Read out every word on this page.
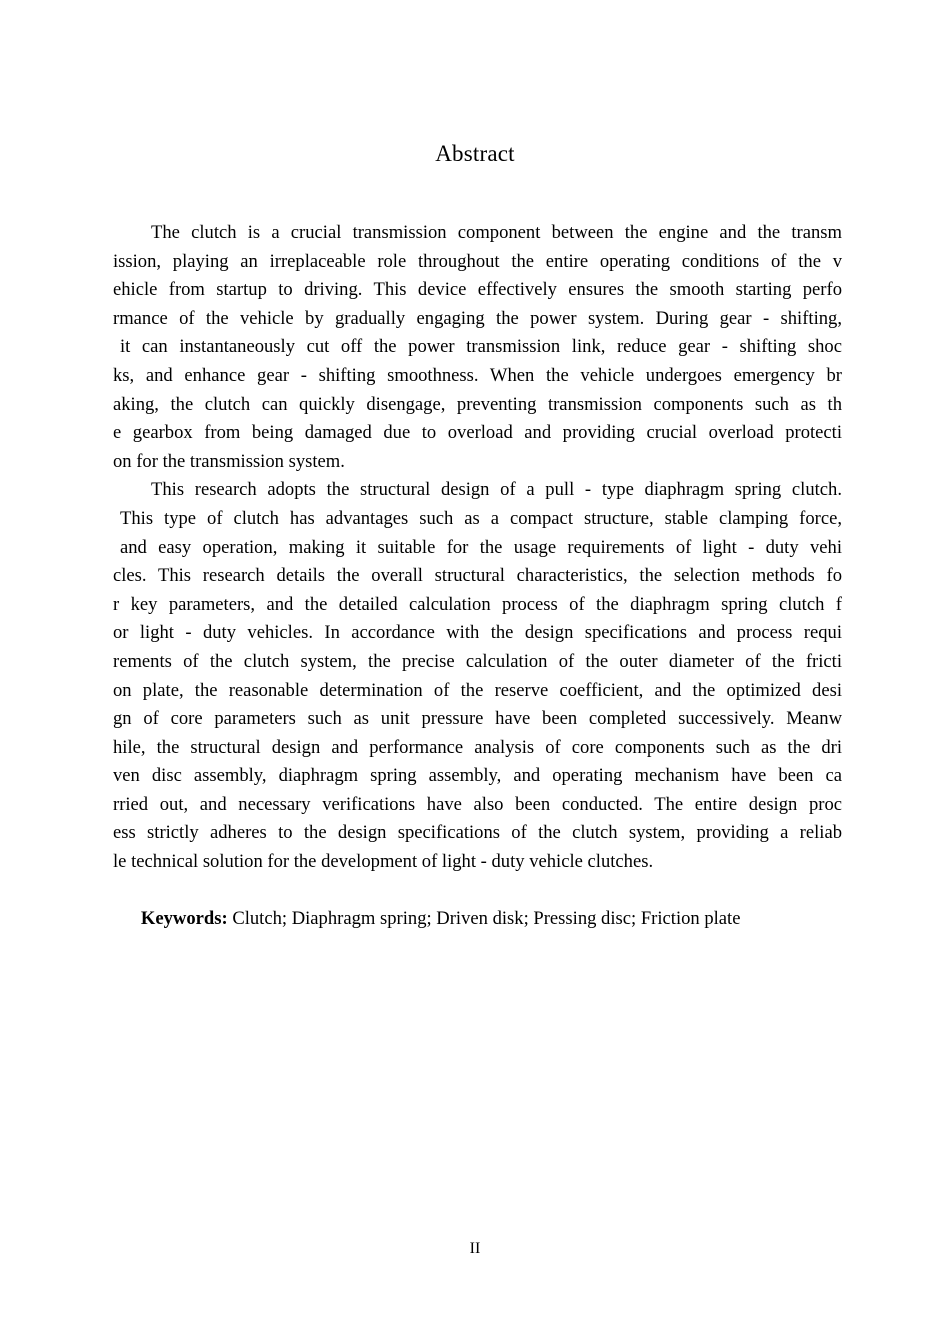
Abstract

The clutch is a crucial transmission component between the engine and the transm
ission, playing an irreplaceable role throughout the entire operating conditions of the v
ehicle from startup to driving. This device effectively ensures the smooth starting perfo
rmance of the vehicle by gradually engaging the power system. During gear - shifting,
it can instantaneously cut off the power transmission link, reduce gear - shifting shoc
ks, and enhance gear - shifting smoothness. When the vehicle undergoes emergency br
aking, the clutch can quickly disengage, preventing transmission components such as th
e gearbox from being damaged due to overload and providing crucial overload protecti
on for the transmission system.

This research adopts the structural design of a pull - type diaphragm spring clutch.
This type of clutch has advantages such as a compact structure, stable clamping force,
and easy operation, making it suitable for the usage requirements of light - duty vehi
cles. This research details the overall structural characteristics, the selection methods fo
r key parameters, and the detailed calculation process of the diaphragm spring clutch f
or light - duty vehicles. In accordance with the design specifications and process requi
rements of the clutch system, the precise calculation of the outer diameter of the fricti
on plate, the reasonable determination of the reserve coefficient, and the optimized desi
gn of core parameters such as unit pressure have been completed successively. Meanw
hile, the structural design and performance analysis of core components such as the dri
ven disc assembly, diaphragm spring assembly, and operating mechanism have been ca
rried out, and necessary verifications have also been conducted. The entire design proc
ess strictly adheres to the design specifications of the clutch system, providing a reliab
le technical solution for the development of light - duty vehicle clutches.

Keywords: Clutch; Diaphragm spring; Driven disk; Pressing disc; Friction plate

II
